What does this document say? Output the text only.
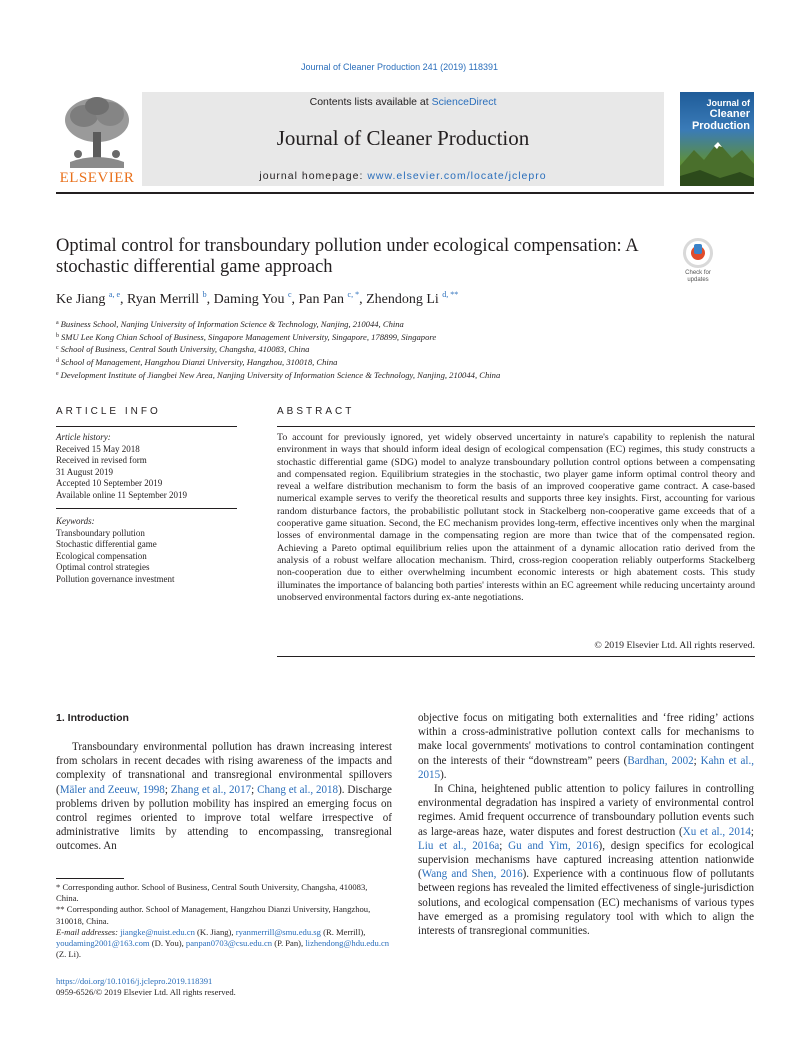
Journal of Cleaner Production 241 (2019) 118391
ELSEVIER
Contents lists available at ScienceDirect
Journal of Cleaner Production
journal homepage: www.elsevier.com/locate/jclepro
Journal of
Cleaner
Production
Optimal control for transboundary pollution under ecological compensation: A stochastic differential game approach	Check for updates
Ke Jiang $^{a, e}$, Ryan Merrill $^b$, Daming You $^c$, Pan Pan $^{c, *}$, Zhendong Li $^{d, **}$
$^a$ Business School, Nanjing University of Information Science & Technology, Nanjing, 210044, China
$^b$ SMU Lee Kong Chian School of Business, Singapore Management University, Singapore, 178899, Singapore
$^c$ School of Business, Central South University, Changsha, 410083, China
$^d$ School of Management, Hangzhou Dianzi University, Hangzhou, 310018, China
$^e$ Development Institute of Jiangbei New Area, Nanjing University of Information Science & Technology, Nanjing, 210044, China
ARTICLE INFO	ABSTRACT
Article history:
Received 15 May 2018
Received in revised form
31 August 2019
Accepted 10 September 2019
Available online 11 September 2019
Keywords:
Transboundary pollution
Stochastic differential game
Ecological compensation
Optimal control strategies
Pollution governance investment
To account for previously ignored, yet widely observed uncertainty in nature's capability to replenish the natural environment in ways that should inform ideal design of ecological compensation (EC) regimes, this study constructs a stochastic differential game (SDG) model to analyze transboundary pollution control options between a compensating and compensated region. Equilibrium strategies in the stochastic, two player game inform optimal control theory and reveal a welfare distribution mechanism to form the basis of an improved cooperative game contract. A case-based numerical example serves to verify the theoretical results and supports three key insights. First, accounting for various random disturbance factors, the probabilistic pollutant stock in Stackelberg non-cooperative game exceeds that of a cooperative game situation. Second, the EC mechanism provides long-term, effective incentives only when the marginal losses of environmental damage in the compensating region are more than twice that of the compensated region. Achieving a Pareto optimal equilibrium relies upon the attainment of a dynamic allocation ratio derived from the analysis of a robust welfare allocation mechanism. Third, cross-region cooperation reliably outperforms Stackelberg non-cooperation due to either overwhelming incumbent economic interests or high abatement costs. This study illuminates the importance of balancing both parties' interests within an EC agreement while reducing uncertainty around unobserved environmental factors during ex-ante negotiations.
© 2019 Elsevier Ltd. All rights reserved.
1. Introduction

Transboundary environmental pollution has drawn increasing interest from scholars in recent decades with rising awareness of the impacts and complexity of transnational and transregional environmental spillovers (Mäler and Zeeuw, 1998; Zhang et al., 2017; Chang et al., 2018). Discharge problems driven by pollution mobility has inspired an emerging focus on control regimes oriented to improve total welfare irrespective of administrative limits by attending to encompassing, transregional outcomes. An

objective focus on mitigating both externalities and ‘free riding’ actions within a cross-administrative pollution context calls for mechanisms to make local governments' motivations to control contamination contingent on the interests of their “downstream” peers (Bardhan, 2002; Kahn et al., 2015).

In China, heightened public attention to policy failures in controlling environmental degradation has inspired a variety of environmental control regimes. Amid frequent occurrence of transboundary pollution events such as large-areas haze, water disputes and forest destruction (Xu et al., 2014; Liu et al., 2016a; Gu and Yim, 2016), design specifics for ecological supervision mechanisms have captured increasing attention nationwide (Wang and Shen, 2016). Experience with a continuous flow of pollutants between regions has revealed the limited effectiveness of single-jurisdiction solutions, and ecological compensation (EC) mechanisms of various types have emerged as a promising regulatory tool with which to align the interests of transregional communities.

* Corresponding author. School of Business, Central South University, Changsha, 410083, China.
** Corresponding author. School of Management, Hangzhou Dianzi University, Hangzhou, 310018, China.
E-mail addresses: jiangke@nuist.edu.cn (K. Jiang), ryanmerrill@smu.edu.sg (R. Merrill), youdaming2001@163.com (D. You), panpan0703@csu.edu.cn (P. Pan), lizhendong@hdu.edu.cn (Z. Li).
https://doi.org/10.1016/j.jclepro.2019.118391
0959-6526/© 2019 Elsevier Ltd. All rights reserved.
